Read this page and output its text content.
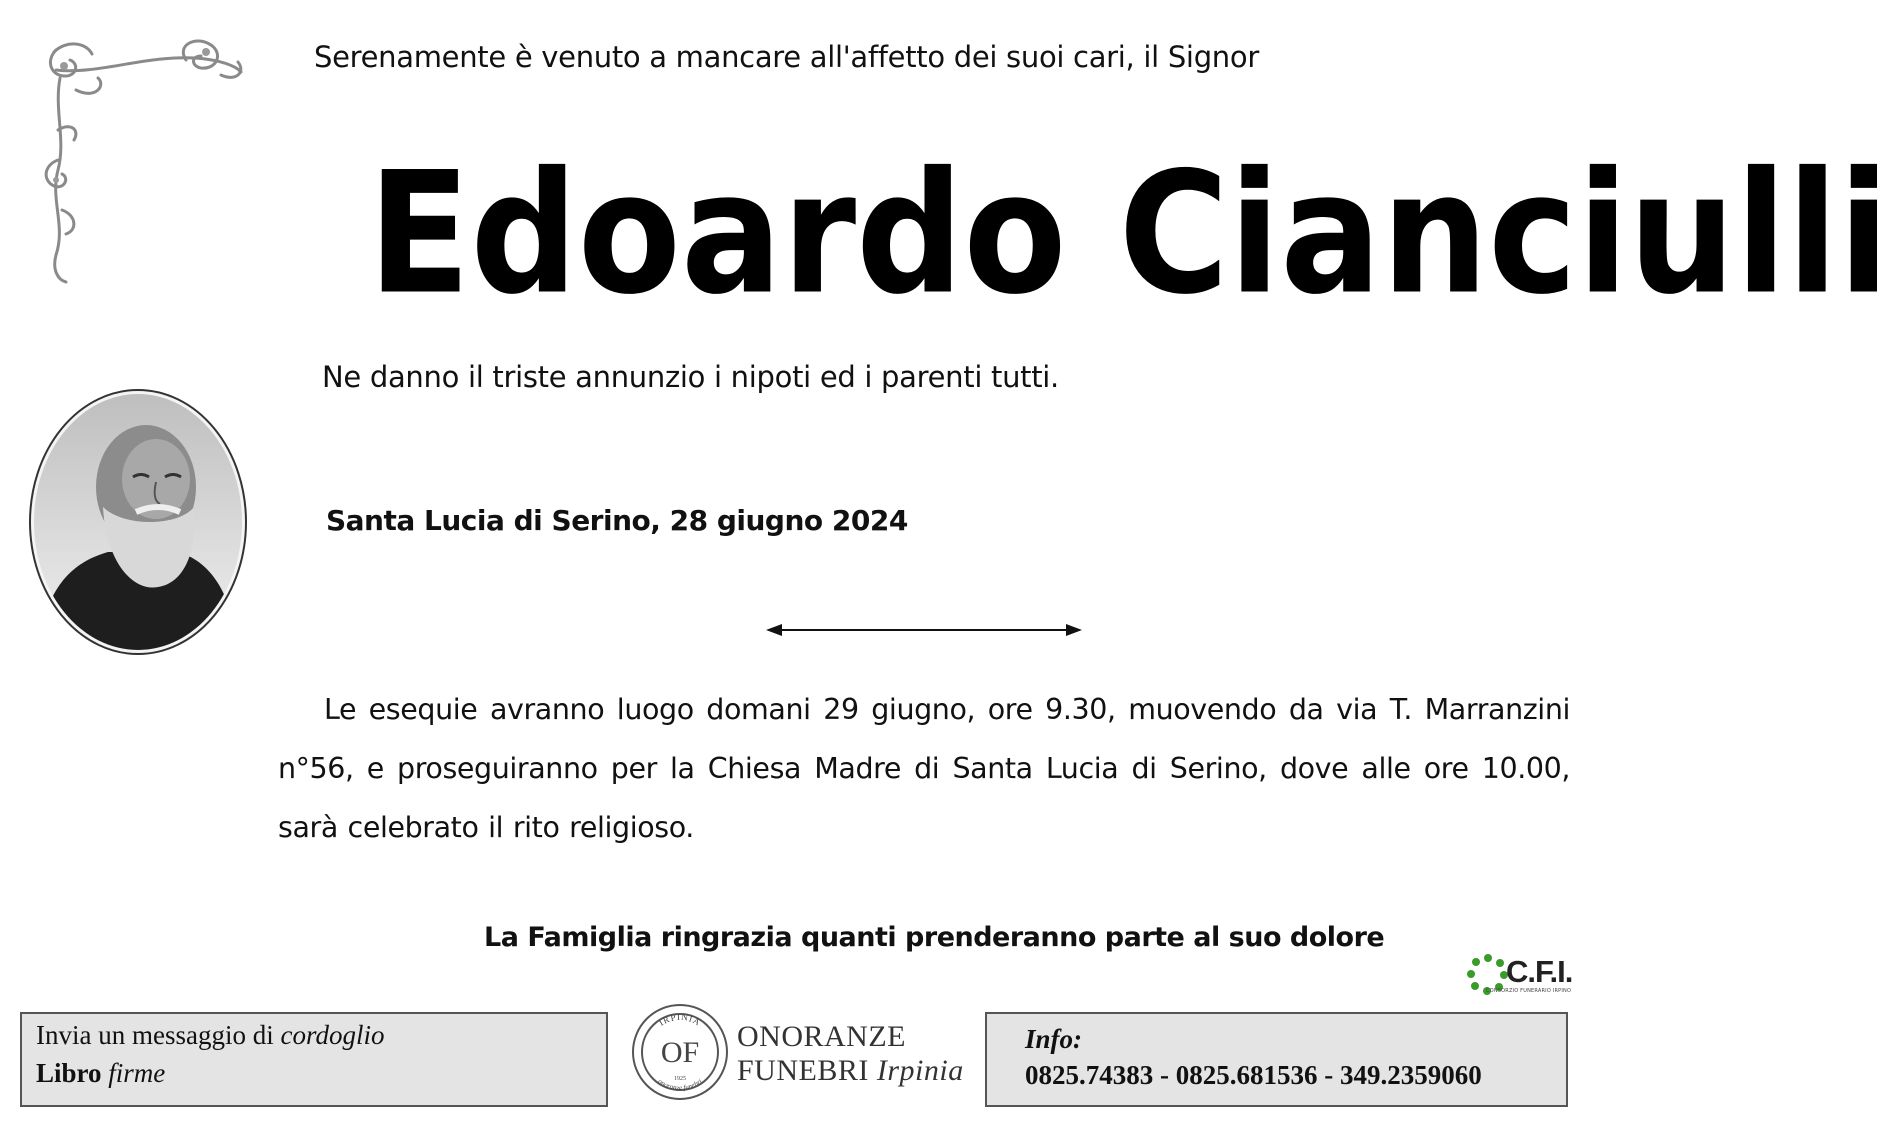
Serenamente è venuto a mancare all'affetto dei suoi cari, il Signor
Edoardo Cianciulli
Ne danno il triste annunzio i nipoti ed i parenti tutti.
Santa Lucia di Serino, 28 giugno 2024
Le esequie avranno luogo domani 29 giugno, ore 9.30, muovendo da via T. Marranzini n°56, e proseguiranno per la Chiesa Madre di Santa Lucia di Serino, dove alle ore 10.00, sarà celebrato il rito religioso.
La Famiglia ringrazia quanti prenderanno parte al suo dolore
C.F.I.
CONSORZIO FUNERARIO IRPINO
Invia un messaggio di cordoglio
Libro firme
IRPINIA
OF
1925
onoranze funebri
ONORANZE
FUNEBRI Irpinia
Info:
0825.74383 - 0825.681536 - 349.2359060
